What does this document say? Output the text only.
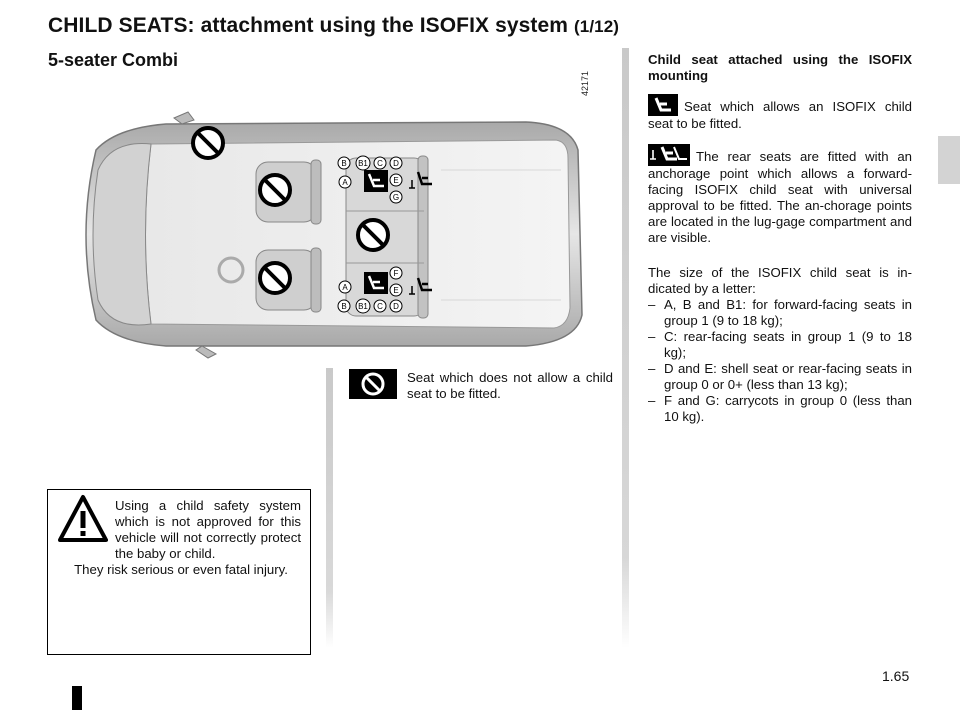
CHILD SEATS: attachment using the ISOFIX system (1/12)
5-seater Combi
42171
B B1 C D
A	E
G
F
A	E
B B1 C D
Child seat attached using the ISOFIX mounting
Seat which allows an ISOFIX child seat to be fitted.
The rear seats are fitted with an anchorage point which allows a forward-facing ISOFIX child seat with universal approval to be fitted. The an-chorage points are located in the lug-gage compartment and are visible.
The size of the ISOFIX child seat is in-dicated by a letter:
– A, B and B1: for forward-facing seats in group 1 (9 to 18 kg);
– C: rear-facing seats in group 1 (9 to 18 kg);
– D and E: shell seat or rear-facing seats in group 0 or 0+ (less than 13 kg);
– F and G: carrycots in group 0 (less than 10 kg).
Seat which does not allow a child seat to be fitted.
Using a child safety system which is not approved for this vehicle will not correctly protect the baby or child.
They risk serious or even fatal injury.
1.65
